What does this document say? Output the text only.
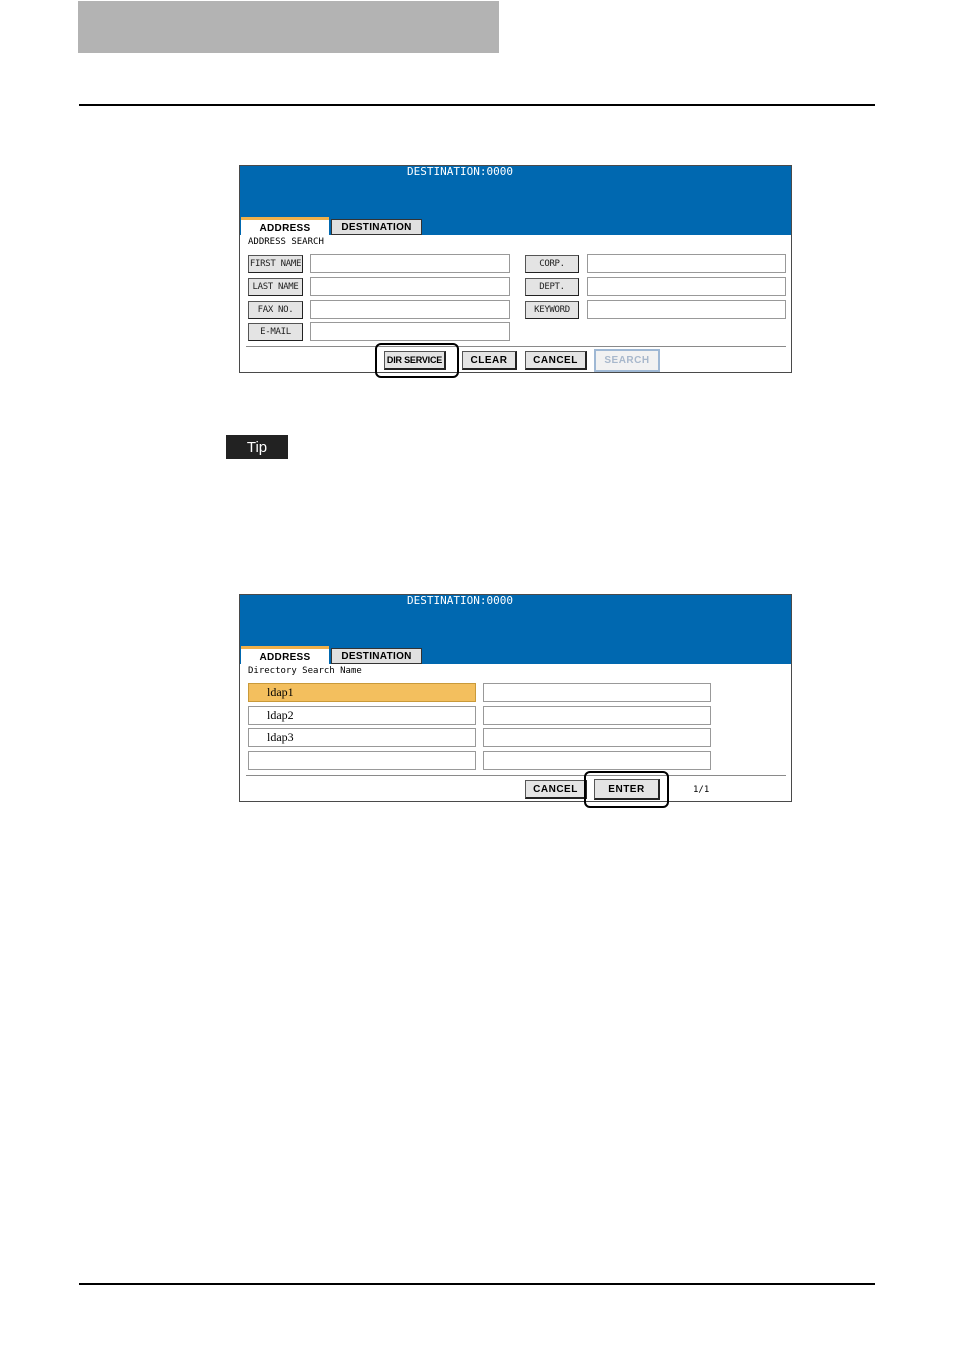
DESTINATION:0000
ADDRESS	DESTINATION
ADDRESS SEARCH
FIRST NAME
LAST NAME
FAX NO.
E-MAIL
CORP.
DEPT.
KEYWORD
DIR SERVICE	CLEAR	CANCEL	SEARCH
Tip
DESTINATION:0000
ADDRESS	DESTINATION
Directory Search Name
ldap1
ldap2
ldap3
CANCEL	ENTER	1/1
